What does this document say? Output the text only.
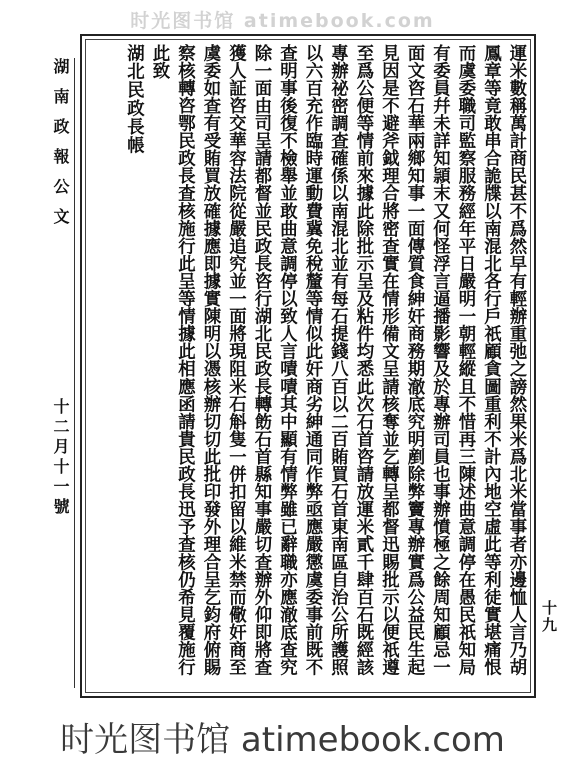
时光图书馆 atimebook.com
湖南政報公文
十二月十一號
十九
運米數稱萬計商民甚不爲然早有輕辦重弛之謗然果米爲北米當事者亦邊恤人言乃胡
鳳章等竟敢串合詭牒以南混北各行戶祇顧貪圖重利不計內地空虛此等利徒實堪痛恨
而虞委職司監察服務經年平日嚴明一朝輕縱且不惜再三陳述曲意調停在愚民祇知局
有委員幷未詳知頴末又何怪浮言逼播影響及於專辦司員也事辦憤極之餘周知顧忌一
面文咨石華兩鄉知事一面傳質食紳奸商務期澈底究明剷除弊竇專辦實爲公益民生起
見因是不避斧鉞理合將密查實在情形備文呈請核奪並乞轉呈都督迅賜批示以便祇遵
至爲公便等情前來據此除批示呈及粘件均悉此次石首咨請放運米貳千肆百石既經該
專辦祕密調查確係以南混北並有每石提錢八百以二百賄買石首東南區自治公所護照
以六百充作臨時運動費冀免稅釐等情似此奸商劣紳通同作弊亟應嚴懲虞委事前既不
查明事後復不檢舉並敢曲意調停以致人言嘖嘖其中顯有情弊雖已辭職亦應澈底查究
除一面由司呈請都督並民政長咨行湖北民政長轉飭石首縣知事嚴切查辦外仰即將查
獲人証咨交華容法院從嚴追究並一面將現阻米石斛隻一併扣留以維米禁而儆奸商至
虞委如查有受賄買放確據應即據實陳明以憑核辦切切此批印發外理合呈乞鈞府俯賜
察核轉咨鄂民政長查核施行此呈等情據此相應函請貴民政長迅予查核仍希見覆施行
此致
湖北民政長帳
时光图书馆 atimebook.com
